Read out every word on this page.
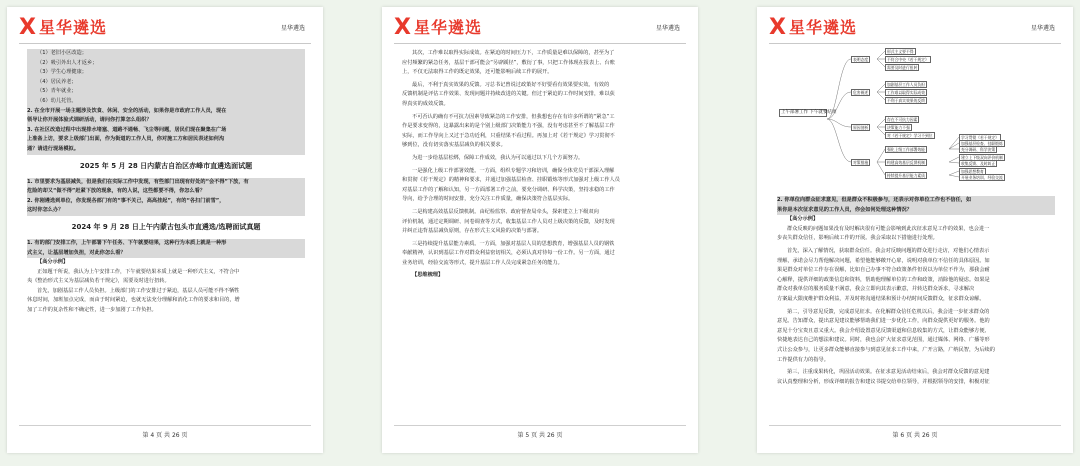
X 星华遴选	星华遴选
（1）老旧小区改造；
（2）吸引外出人才返乡；
（3）学生心理健康；
（4）居民养老；
（5）青年就业；
（6）幼儿托管。
2. 在全市开展一场主题涉及饮食、休闲、安全的活动，如果你是市政府工作人员，现在
领导让你开展体验式调研活动，请问你打算怎么组织？
3. 在社区改造过程中出现排水堵塞、道路不通畅、飞尘等问题，居民们现在聚集在广场
上准备上访，要求上级部门出面，作为街道的工作人员，你对施工方和居民表述如何沟
通？请进行现场模拟。
2025 年 5 月 28 日内蒙古自治区赤峰市直遴选面试题
1. 市里要求为基层减负，但是我们在实际工作中发现，有些部门出现有好处的“会不得”下放，有
危险的却又“做不得”赶紧下放的现象，有的人说，这些都要不得，你怎么看？
2. 你刚遴选到单位，你发现各部门有的“事不关己，高高挂起”，有的“各扫门前雪”，
这时你怎么办？
2024 年 9 月 28 日上午内蒙古包头市直遴选/选聘面试真题
1. 有的部门安排工作，上午部署下午任务、下午就要结果，这种行为本质上就是一种形
式主义，让基层增加负担，对此你怎么看？
【高分示例】
正如题干所说，我认为上午安排工作，下午就要结果本质上就是一种形式主义，不符合中
央《整治形式主义为基层减负若干规定》，需要及时进行扭转。
首先，加剧基层工作人员负担。上级部门的工作安排过于紧迫，基层人员可能不得不牺牲
休息时间，加班加点完成，而由于时间紧迫，也就无法充分理解和消化工作的要求和目的，增
加了工作的复杂性和不确定性，进一步加剧了工作负担。
第 4 页 共 26 页
X 星华遴选	星华遴选
其次，工作难以取得实际成效。在紧迫的时间压力下，工作质量是难以保障的，甚至为了
应付频繁的紧急任务，基层干部可能会“另辟蹊径”，敷衍了事，只把工作体现在报表上、台账
上，不仅无法取得工作的既定效果，还可能影响后续工作的展开。
最后，不利于真实效果的反馈。习总书记曾说过政策好不好要看有效果要实效。有效的
反馈机制是评估工作效果、发现问题并持续改进的关键。但过于紧迫的工作时间安排，难以获
得真实的成效反馈。
不可否认的确有不可抗力因素导致紧急的工作安排，但我想也存在有许多所谓的“紧急”工
作是要求变得的，这暴露出来的是个别上级部门决策能力不强，没有考虑甚至不了解基层工作
实际，而工作导向上又过于急功近利，只重结果不看过程。再加上对《若干规定》学习贯彻不
够到位，没有切实落实基层减负的相关要求。
为进一步给基层松绑，保障工作成效，我认为可以通过以下几个方面努力。
一是强化上级工作部署效能。一方面，组织专题学习和培训，确保全体党员干部深入理解
和贯彻《若干规定》的精神和要求，并通过加强基层检查、挂职锻炼等形式加强对上级工作人员
对基层工作的了解和认知，另一方面部署工作之前，要充分调研、科学决策，坚持求稳的工作
导向，给予合理的时间安排，充分关注工作质量，确保决策符合基层实际。
二是构建高效基层反馈机制。由纪检监察、政府督查局牵头，探索建立上下级双向
评价机制，通过定期调研、问卷调查等方式，收集基层工作人员对上级决策的反馈，及时发现
并纠正违背基层减负原则，存在形式主义风险的决策与部署。
三是持续提升基层能力素质。一方面，加强对基层人员的思想教育，增强基层人员的钢铁
奉献精神，认识到基层工作对群众利益密切相关，必须认真对待每一份工作。另一方面，通过
业务培训，经验交流等形式，提升基层工作人员完成紧急任务的能力。
【思维梳理】
第 5 页 共 26 页
X 星华遴选	星华遴选
上午部署工作 下午就要结果
表明态度
危害阐述
原因剖析
对策措施
形式主义要不得
不符合中央《若干规定》
需要及时进行扭转
加剧基层工作人员负担
工作难以取得实际成效
不利于真实效果的反馈
存在不可抗力因素
决策能力不强
对《若干规定》学习不到位
强化上级工作部署效能
构建高效基层反馈机制
持续提升基层能力素质
学习贯彻《若干规定》
加强基层检查、挂职锻炼
充分调研、科学决策
建立上下级双向评价机制
收集反馈、及时纠正
加强思想教育
开展业务培训、经验交流
2. 你单位向群众征求意见，但是群众不积极参与，还表示对你单位工作也不信任，如
果你是本次征求意见的工作人员，你会如何处理这种情况？
【高分示例】
群众反映的问题如果没有及时解决很有可能会影响到此次征求意见工作的效果，也会进一
步丧失群众信任，影响后续工作的开展。我会采取以下措施进行处理。
首先，深入了解情况，获取群众信任。我会对反映问题的群众进行走访，对他们心情表示
理解，承诺会尽力帮他解决问题，希望他能够敞开心扉，说明对我单位不信任的具体原因。如
果是群众对单位工作存在误解，比如自己办事不符合政策条件但误以为单位不作为，那我会耐
心解释，提供详细的政策信息和资料，帮助他理解单位的工作和政策，消除他的疑虑。如果是
群众对我单位的服务质量不满意，我会立即向其表示歉意，并转达群众诉求，寻求解决
方案最大限度维护群众利益，并及时将沟通结果和预计办结时间反馈群众，征求群众谅解。
第二，引导意见反馈，完成意见征求。在化解群众信任危机以后，我会进一步征求群众的
意见。告知群众，提出意见建议能够帮助我们进一步优化工作，向群众提供更好的服务。他的
意见十分宝贵且意义重大。我会介绍设置意见反馈渠道和信息收集的方式，让群众能够方便、
快捷地表达自己的想法和建议。同时，我也会扩大征求意见范围，通过媒体、网络、广播等形
式让公众参与，让更多群众能够直接参与到意见征求工作中来，广开言路，广纳民智，为后续的
工作提供有力的指导。
第三，注重成果转化，巩固活动效果。在征求意见活动结束后，我会对群众反馈的意见建
议认真整理和分析，形成详细的报告和建议书提交给单位领导，并根据领导的安排，积极对征
第 6 页 共 26 页
